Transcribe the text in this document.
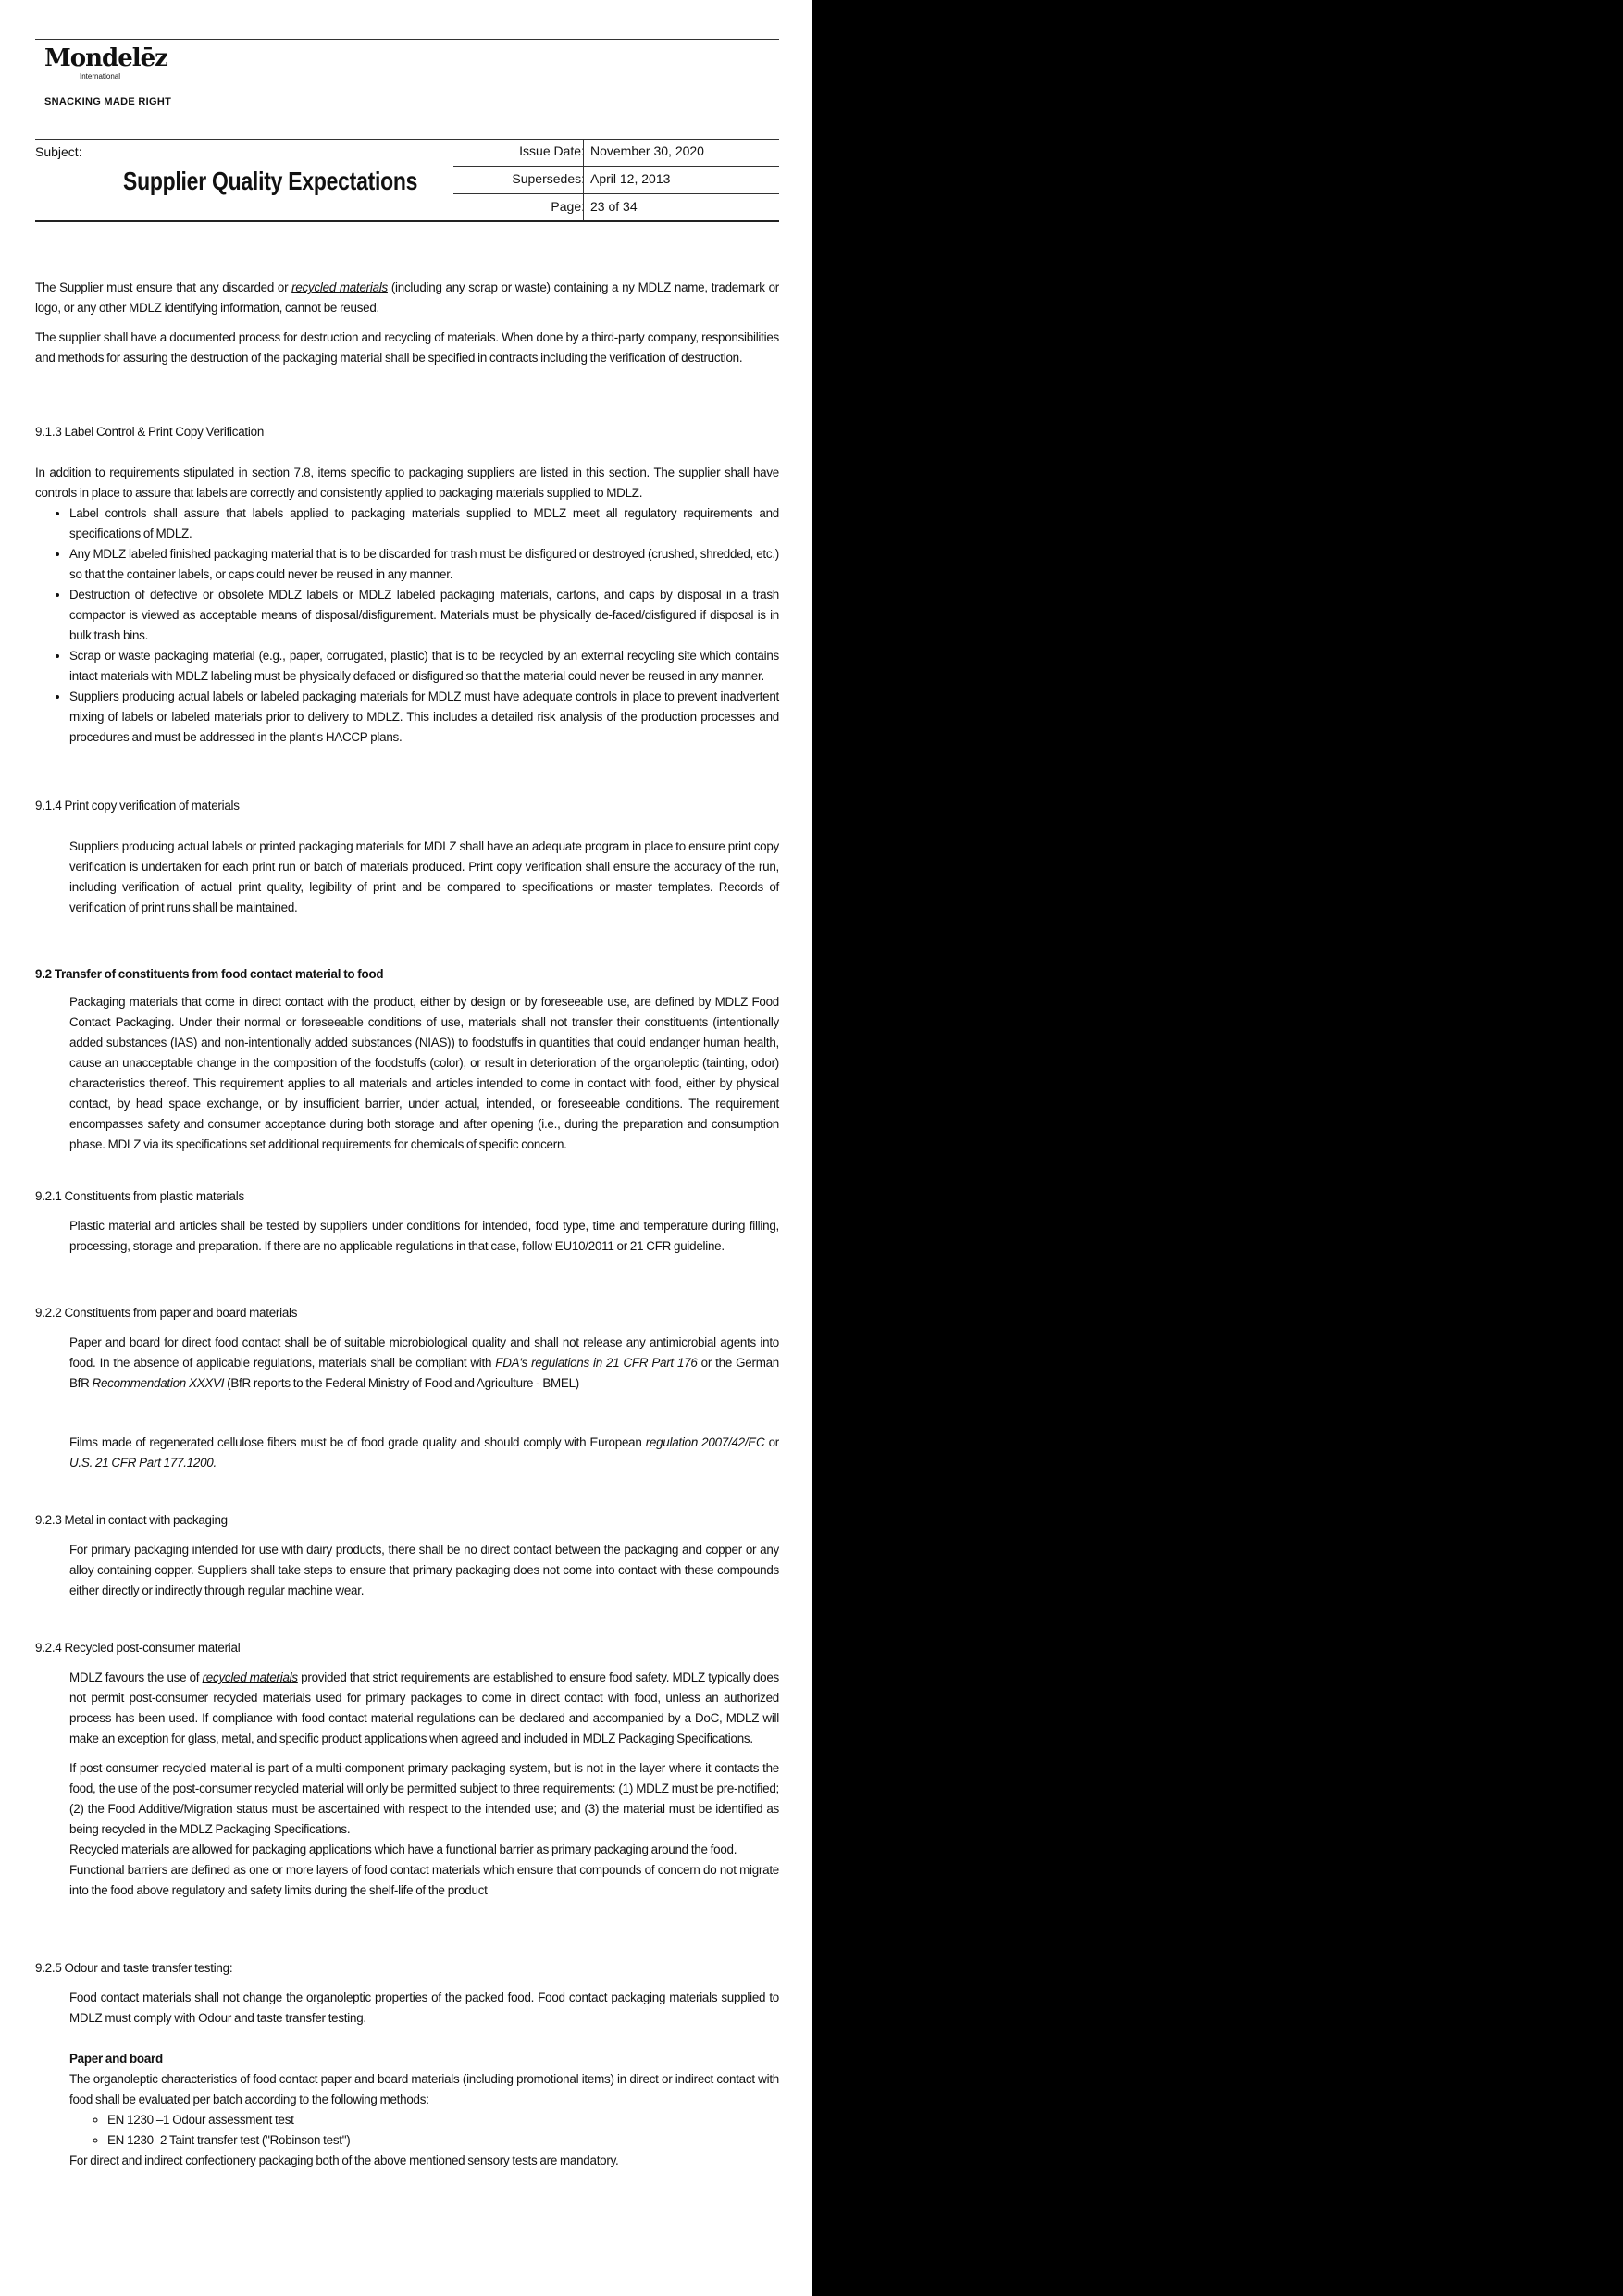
Mondelēz
International
SNACKING MADE RIGHT
Subject:
Supplier Quality Expectations
Issue Date: November 30, 2020
Supersedes: April 12, 2013
Page: 23 of 34

The Supplier must ensure that any discarded or recycled materials (including any scrap or waste) containing a ny MDLZ name, trademark or logo, or any other MDLZ identifying information, cannot be reused.

The supplier shall have a documented process for destruction and recycling of materials. When done by a third-party company, responsibilities and methods for assuring the destruction of the packaging material shall be specified in contracts including the verification of destruction.

9.1.3 Label Control & Print Copy Verification

In addition to requirements stipulated in section 7.8, items specific to packaging suppliers are listed in this section. The supplier shall have controls in place to assure that labels are correctly and consistently applied to packaging materials supplied to MDLZ.

• Label controls shall assure that labels applied to packaging materials supplied to MDLZ meet all regulatory requirements and specifications of MDLZ.
• Any MDLZ labeled finished packaging material that is to be discarded for trash must be disfigured or destroyed (crushed, shredded, etc.) so that the container labels, or caps could never be reused in any manner.
• Destruction of defective or obsolete MDLZ labels or MDLZ labeled packaging materials, cartons, and caps by disposal in a trash compactor is viewed as acceptable means of disposal/disfigurement. Materials must be physically de-faced/disfigured if disposal is in bulk trash bins.
• Scrap or waste packaging material (e.g., paper, corrugated, plastic) that is to be recycled by an external recycling site which contains intact materials with MDLZ labeling must be physically defaced or disfigured so that the material could never be reused in any manner.
• Suppliers producing actual labels or labeled packaging materials for MDLZ must have adequate controls in place to prevent inadvertent mixing of labels or labeled materials prior to delivery to MDLZ. This includes a detailed risk analysis of the production processes and procedures and must be addressed in the plant's HACCP plans.
9.1.4 Print copy verification of materials

Suppliers producing actual labels or printed packaging materials for MDLZ shall have an adequate program in place to ensure print copy verification is undertaken for each print run or batch of materials produced. Print copy verification shall ensure the accuracy of the run, including verification of actual print quality, legibility of print and be compared to specifications or master templates. Records of verification of print runs shall be maintained.

9.2 Transfer of constituents from food contact material to food

Packaging materials that come in direct contact with the product, either by design or by foreseeable use, are defined by MDLZ Food Contact Packaging. Under their normal or foreseeable conditions of use, materials shall not transfer their constituents (intentionally added substances (IAS) and non-intentionally added substances (NIAS)) to foodstuffs in quantities that could endanger human health, cause an unacceptable change in the composition of the foodstuffs (color), or result in deterioration of the organoleptic (tainting, odor) characteristics thereof. This requirement applies to all materials and articles intended to come in contact with food, either by physical contact, by head space exchange, or by insufficient barrier, under actual, intended, or foreseeable conditions. The requirement encompasses safety and consumer acceptance during both storage and after opening (i.e., during the preparation and consumption phase. MDLZ via its specifications set additional requirements for chemicals of specific concern.

9.2.1 Constituents from plastic materials

Plastic material and articles shall be tested by suppliers under conditions for intended, food type, time and temperature during filling, processing, storage and preparation. If there are no applicable regulations in that case, follow EU10/2011 or 21 CFR guideline.

9.2.2 Constituents from paper and board materials

Paper and board for direct food contact shall be of suitable microbiological quality and shall not release any antimicrobial agents into food. In the absence of applicable regulations, materials shall be compliant with FDA's regulations in 21 CFR Part 176 or the German BfR Recommendation XXXVI (BfR reports to the Federal Ministry of Food and Agriculture - BMEL)

Films made of regenerated cellulose fibers must be of food grade quality and should comply with European regulation 2007/42/EC or U.S. 21 CFR Part 177.1200.

9.2.3 Metal in contact with packaging

For primary packaging intended for use with dairy products, there shall be no direct contact between the packaging and copper or any alloy containing copper. Suppliers shall take steps to ensure that primary packaging does not come into contact with these compounds either directly or indirectly through regular machine wear.

9.2.4 Recycled post-consumer material

MDLZ favours the use of recycled materials provided that strict requirements are established to ensure food safety. MDLZ typically does not permit post-consumer recycled materials used for primary packages to come in direct contact with food, unless an authorized process has been used. If compliance with food contact material regulations can be declared and accompanied by a DoC, MDLZ will make an exception for glass, metal, and specific product applications when agreed and included in MDLZ Packaging Specifications.

If post-consumer recycled material is part of a multi-component primary packaging system, but is not in the layer where it contacts the food, the use of the post-consumer recycled material will only be permitted subject to three requirements: (1) MDLZ must be pre-notified; (2) the Food Additive/Migration status must be ascertained with respect to the intended use; and (3) the material must be identified as being recycled in the MDLZ Packaging Specifications.

Recycled materials are allowed for packaging applications which have a functional barrier as primary packaging around the food.

Functional barriers are defined as one or more layers of food contact materials which ensure that compounds of concern do not migrate into the food above regulatory and safety limits during the shelf-life of the product

9.2.5 Odour and taste transfer testing:

Food contact materials shall not change the organoleptic properties of the packed food. Food contact packaging materials supplied to MDLZ must comply with Odour and taste transfer testing.

Paper and board

The organoleptic characteristics of food contact paper and board materials (including promotional items) in direct or indirect contact with food shall be evaluated per batch according to the following methods:

◦ EN 1230 –1 Odour assessment test
◦ EN 1230–2 Taint transfer test ("Robinson test")

For direct and indirect confectionery packaging both of the above mentioned sensory tests are mandatory.
